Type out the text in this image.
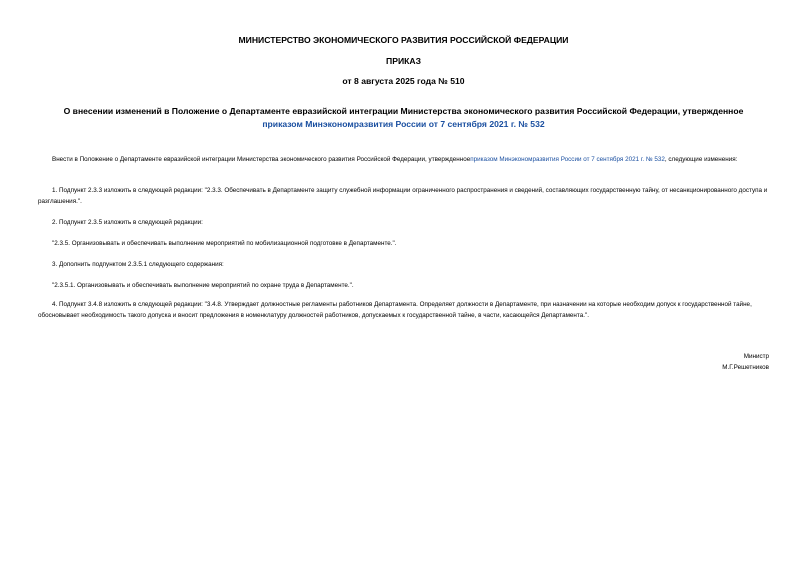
МИНИСТЕРСТВО ЭКОНОМИЧЕСКОГО РАЗВИТИЯ РОССИЙСКОЙ ФЕДЕРАЦИИ
ПРИКАЗ
от 8 августа 2025 года № 510
О внесении изменений в Положение о Департаменте евразийской интеграции Министерства экономического развития Российской Федерации, утвержденное
приказом Минэкономразвития России от 7 сентября 2021 г. № 532
Внести в Положение о Департаменте евразийской интеграции Министерства экономического развития Российской Федерации, утвержденноеприказом Минэкономразвития России от 7 сентября 2021 г. № 532, следующие изменения:
1. Подпункт 2.3.3 изложить в следующей редакции: "2.3.3. Обеспечивать в Департаменте защиту служебной информации ограниченного распространения и сведений, составляющих государственную тайну, от несанкционированного доступа и разглашения.".
2. Подпункт 2.3.5 изложить в следующей редакции:
"2.3.5. Организовывать и обеспечивать выполнение мероприятий по мобилизационной подготовке в Департаменте.".
3. Дополнить подпунктом 2.3.5.1 следующего содержания:
"2.3.5.1. Организовывать и обеспечивать выполнение мероприятий по охране труда в Департаменте.".
4. Подпункт 3.4.8 изложить в следующей редакции: "3.4.8. Утверждает должностные регламенты работников Департамента. Определяет должности в Департаменте, при назначении на которые необходим допуск к государственной тайне, обосновывает необходимость такого допуска и вносит предложения в номенклатуру должностей работников, допускаемых к государственной тайне, в части, касающейся Департамента.".
Министр
М.Г.Решетников
